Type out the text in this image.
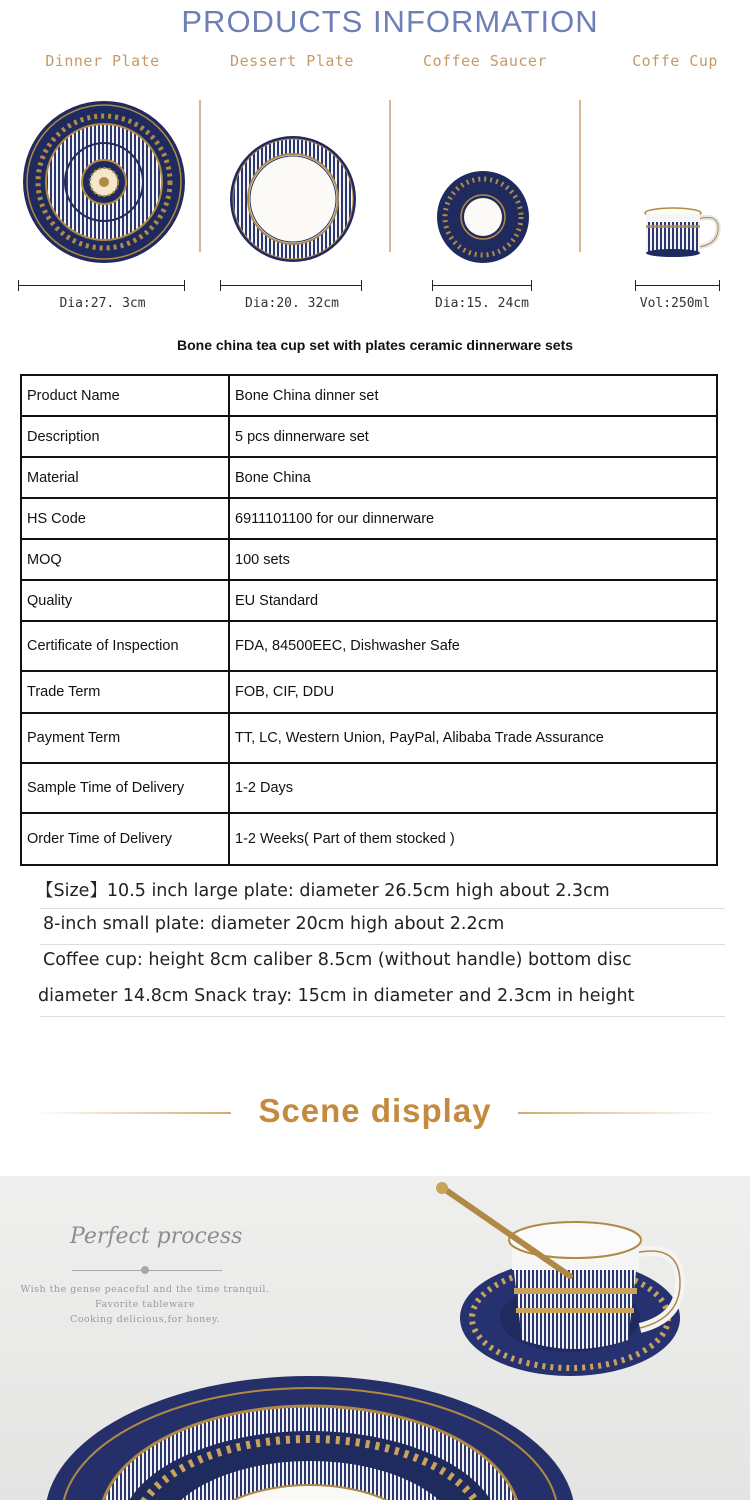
PRODUCTS INFORMATION
Dinner Plate	Dessert Plate	Coffee Saucer	Coffe Cup
Dia:27. 3cm	Dia:20. 32cm	Dia:15. 24cm	Vol:250ml
Bone china tea cup set with plates ceramic dinnerware sets
Product Name	Bone China dinner set
Description	5 pcs dinnerware set
Material	Bone China
HS Code	6911101100 for our dinnerware
MOQ	100 sets
Quality	EU Standard
Certificate of Inspection	FDA, 84500EEC, Dishwasher Safe
Trade Term	FOB, CIF, DDU
Payment Term	TT, LC, Western Union, PayPal, Alibaba Trade Assurance
Sample Time of Delivery	1-2 Days
Order Time of Delivery	1-2 Weeks( Part of them stocked )
【Size】10.5 inch large plate: diameter 26.5cm high about 2.3cm
8-inch small plate: diameter 20cm high about 2.2cm
Coffee cup: height 8cm caliber 8.5cm (without handle) bottom disc
diameter 14.8cm Snack tray: 15cm in diameter and 2.3cm in height
Scene display
Perfect process
Wish the gense peaceful and the time tranquil.
Favorite tableware
Cooking delicious,for honey.
